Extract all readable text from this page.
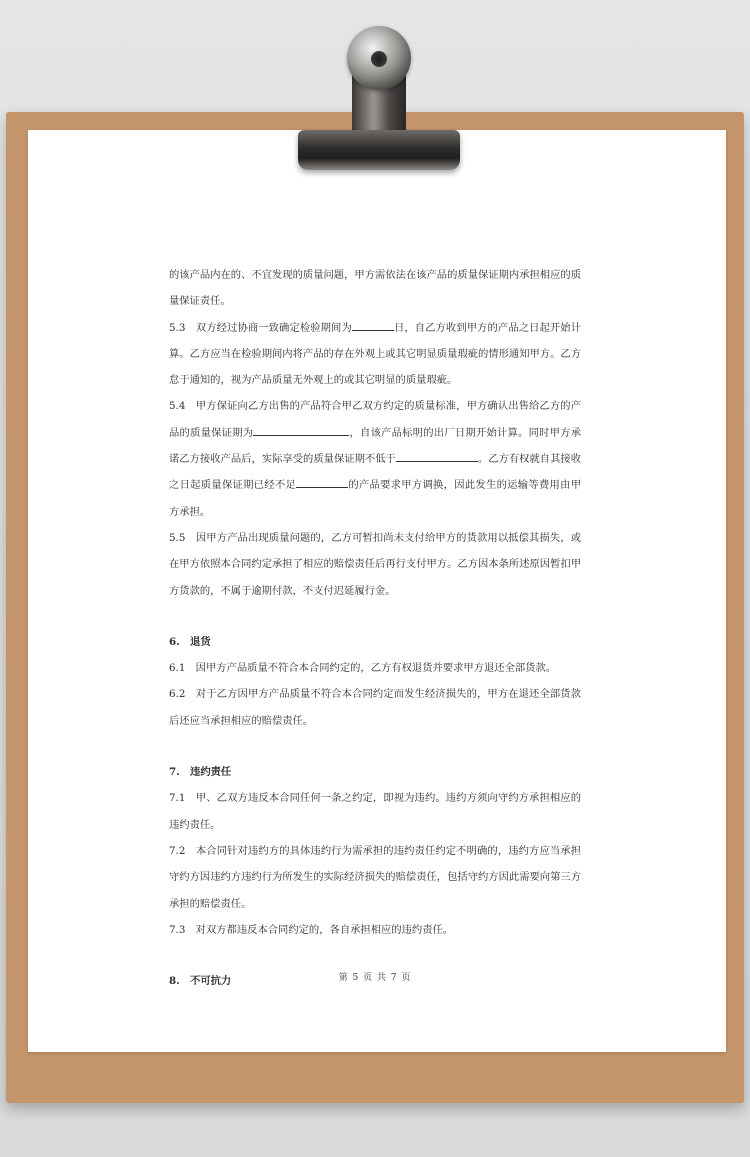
的该产品内在的、不宜发现的质量问题，甲方需依法在该产品的质量保证期内承担相应的质量保证责任。

5.3　双方经过协商一致确定检验期间为	日，自乙方收到甲方的产品之日起开始计算。乙方应当在检验期间内将产品的存在外观上或其它明显质量瑕疵的情形通知甲方。乙方怠于通知的，视为产品质量无外观上的或其它明显的质量瑕疵。

5.4　甲方保证向乙方出售的产品符合甲乙双方约定的质量标准，甲方确认出售给乙方的产品的质量保证期为	，自该产品标明的出厂日期开始计算。同时甲方承诺乙方接收产品后，实际享受的质量保证期不低于	。乙方有权就自其接收之日起质量保证期已经不足	的产品要求甲方调换，因此发生的运输等费用由甲方承担。

5.5　因甲方产品出现质量问题的，乙方可暂扣尚未支付给甲方的货款用以抵偿其损失，或在甲方依照本合同约定承担了相应的赔偿责任后再行支付甲方。乙方因本条所述原因暂扣甲方货款的，不属于逾期付款，不支付迟延履行金。

6.　退货

6.1　因甲方产品质量不符合本合同约定的，乙方有权退货并要求甲方退还全部货款。

6.2　对于乙方因甲方产品质量不符合本合同约定而发生经济损失的，甲方在退还全部货款后还应当承担相应的赔偿责任。

7.　违约责任

7.1　甲、乙双方违反本合同任何一条之约定，即视为违约。违约方须向守约方承担相应的违约责任。

7.2　本合同针对违约方的具体违约行为需承担的违约责任约定不明确的，违约方应当承担守约方因违约方违约行为所发生的实际经济损失的赔偿责任，包括守约方因此需要向第三方承担的赔偿责任。

7.3　对双方都违反本合同约定的，各自承担相应的违约责任。

8.　不可抗力	第 5 页 共 7 页
